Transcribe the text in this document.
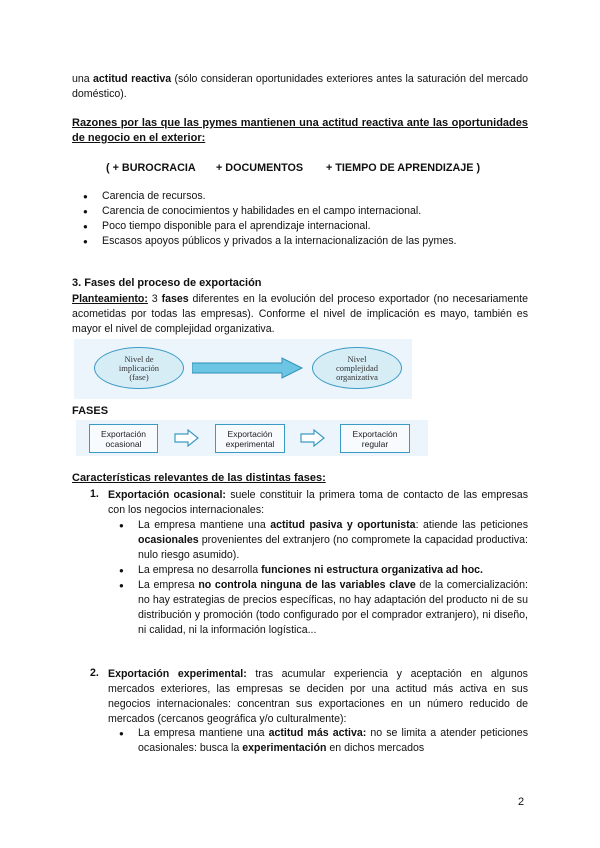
una actitud reactiva (sólo consideran oportunidades exteriores antes la saturación del mercado doméstico).

Razones por las que las pymes mantienen una actitud reactiva ante las oportunidades de negocio en el exterior:

( + BUROCRACIA + DOCUMENTOS + TIEMPO DE APRENDIZAJE )
● Carencia de recursos.
● Carencia de conocimientos y habilidades en el campo internacional.
● Poco tiempo disponible para el aprendizaje internacional.
● Escasos apoyos públicos y privados a la internacionalización de las pymes.

3. Fases del proceso de exportación

Planteamiento: 3 fases diferentes en la evolución del proceso exportador (no necesariamente acometidas por todas las empresas). Conforme el nivel de implicación es mayo, también es mayor el nivel de complejidad organizativa.

Nivel de implicación (fase)
Nivel complejidad organizativa

FASES

Exportación ocasional
Exportación experimental
Exportación regular

Características relevantes de las distintas fases:

1. Exportación ocasional: suele constituir la primera toma de contacto de las empresas con los negocios internacionales:

● La empresa mantiene una actitud pasiva y oportunista: atiende las peticiones ocasionales provenientes del extranjero (no compromete la capacidad productiva: nulo riesgo asumido).
● La empresa no desarrolla funciones ni estructura organizativa ad hoc.
● La empresa no controla ninguna de las variables clave de la comercialización: no hay estrategias de precios específicas, no hay adaptación del producto ni de su distribución y promoción (todo configurado por el comprador extranjero), ni diseño, ni calidad, ni la información logística...
2. Exportación experimental: tras acumular experiencia y aceptación en algunos mercados exteriores, las empresas se deciden por una actitud más activa en sus negocios internacionales: concentran sus exportaciones en un número reducido de mercados (cercanos geográfica y/o culturalmente):

● La empresa mantiene una actitud más activa: no se limita a atender peticiones ocasionales: busca la experimentación en dichos mercados

2
